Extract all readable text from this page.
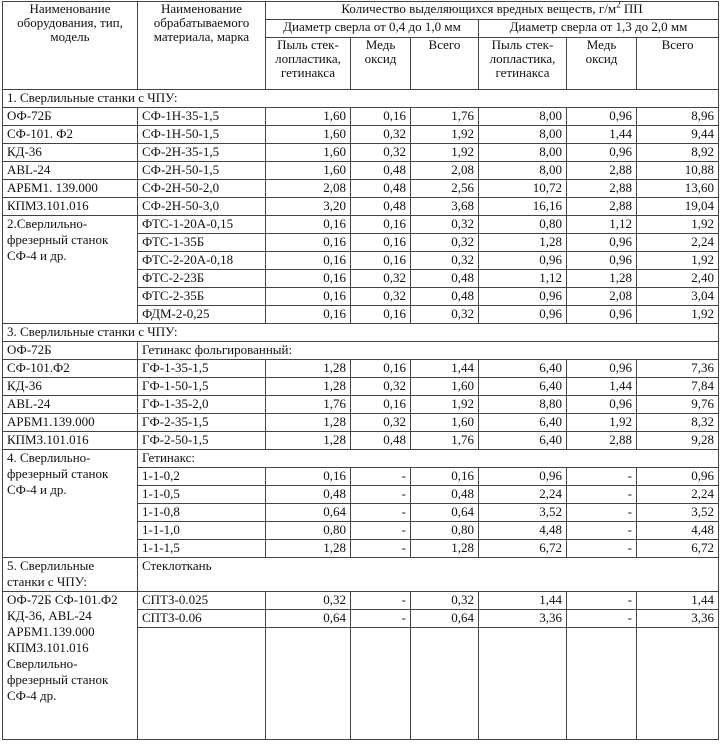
Наименование оборудования, тип, модель	Наименование обрабатываемого материала, марка	Количество выделяющихся вредных веществ, $г/м^2$ ПП					
		Диаметр сверла от 0,4 до 1,0 мм			Диаметр сверла от 1,3 до 2,0 мм		
		Пыль стек-лопластика, гетинакса	Медь оксид	Всего	Пыль стек-лопластика, гетинакса	Медь оксид	Всего
1. Сверлильные станки с ЧПУ:							
ОФ-72Б	СФ-1Н-35-1,5	1,60	0,16	1,76	8,00	0,96	8,96
СФ-101. Ф2	СФ-1Н-50-1,5	1,60	0,32	1,92	8,00	1,44	9,44
КД-36	СФ-2Н-35-1,5	1,60	0,32	1,92	8,00	0,96	8,92
ABL-24	СФ-2Н-50-1,5	1,60	0,48	2,08	8,00	2,88	10,88
АРБМ1. 139.000	СФ-2Н-50-2,0	2,08	0,48	2,56	10,72	2,88	13,60
КПМЗ.101.016	СФ-2Н-50-3,0	3,20	0,48	3,68	16,16	2,88	19,04
2.Сверлильно-фрезерный станок СФ-4 и др.	ФТС-1-20А-0,15	0,16	0,16	0,32	0,80	1,12	1,92
	ФТС-1-35Б	0,16	0,16	0,32	1,28	0,96	2,24
	ФТС-2-20А-0,18	0,16	0,16	0,32	0,96	0,96	1,92
	ФТС-2-23Б	0,16	0,32	0,48	1,12	1,28	2,40
	ФТС-2-35Б	0,16	0,32	0,48	0,96	2,08	3,04
	ФДМ-2-0,25	0,16	0,16	0,32	0,96	0,96	1,92
3. Сверлильные станки с ЧПУ:							
ОФ-72Б	Гетинакс фольгированный:						
СФ-101.Ф2	ГФ-1-35-1,5	1,28	0,16	1,44	6,40	0,96	7,36
КД-36	ГФ-1-50-1,5	1,28	0,32	1,60	6,40	1,44	7,84
ABL-24	ГФ-1-35-2,0	1,76	0,16	1,92	8,80	0,96	9,76
АРБМ1.139.000	ГФ-2-35-1,5	1,28	0,32	1,60	6,40	1,92	8,32
КПМЗ.101.016	ГФ-2-50-1,5	1,28	0,48	1,76	6,40	2,88	9,28
4. Сверлильно-фрезерный станок СФ-4 и др.	Гетинакс:						
	1-1-0,2	0,16	-	0,16	0,96	-	0,96
	1-1-0,5	0,48	-	0,48	2,24	-	2,24
	1-1-0,8	0,64	-	0,64	3,52	-	3,52
	1-1-1,0	0,80	-	0,80	4,48	-	4,48
	1-1-1,5	1,28	-	1,28	6,72	-	6,72
5. Сверлильные станки с ЧПУ:	Стеклоткань						
ОФ-72Б СФ-101.Ф2 КД-36, ABL-24 АРБМ1.139.000 КПМЗ.101.016 Сверлильно-фрезерный станок СФ-4 др.	СПТЗ-0.025	0,32	-	0,32	1,44	-	1,44
	СПТЗ-0.06	0,64	-	0,64	3,36	-	3,36
